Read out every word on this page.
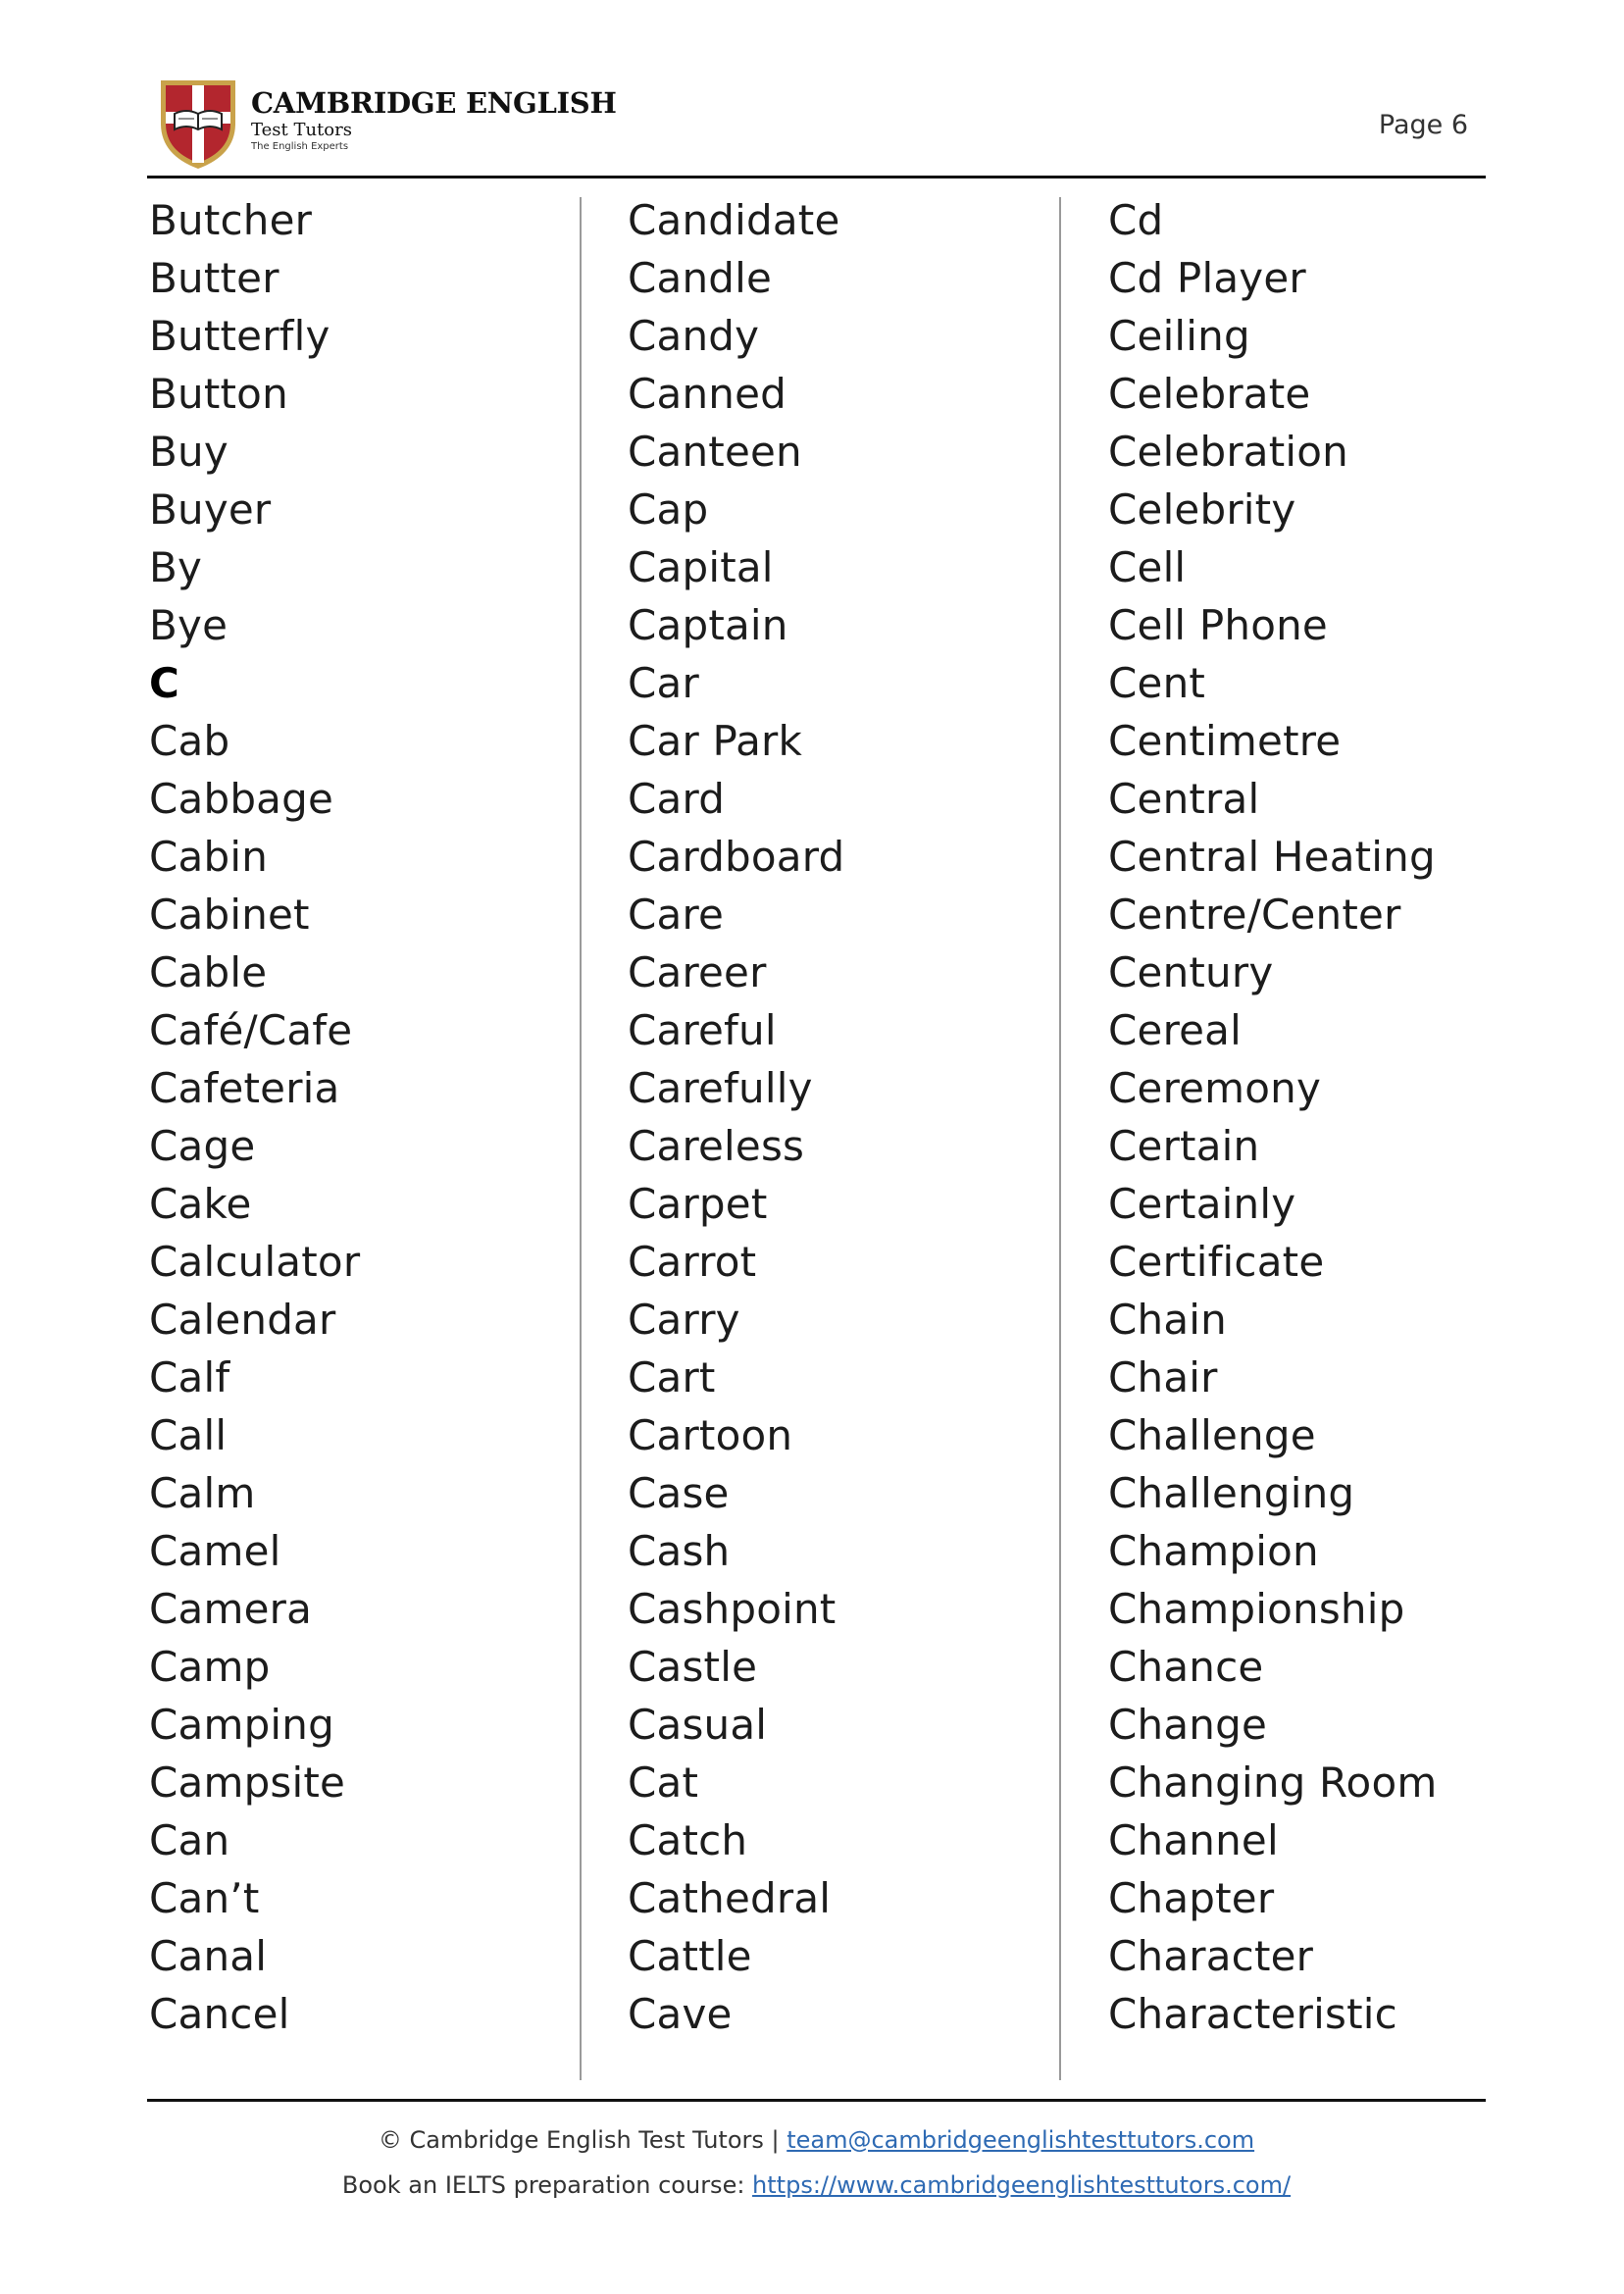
CAMBRIDGE ENGLISH
Test Tutors
The English Experts
Page 6
Butcher
Butter
Butterfly
Button
Buy
Buyer
By
Bye
C
Cab
Cabbage
Cabin
Cabinet
Cable
Café/Cafe
Cafeteria
Cage
Cake
Calculator
Calendar
Calf
Call
Calm
Camel
Camera
Camp
Camping
Campsite
Can
Can’t
Canal
Cancel
Candidate
Candle
Candy
Canned
Canteen
Cap
Capital
Captain
Car
Car Park
Card
Cardboard
Care
Career
Careful
Carefully
Careless
Carpet
Carrot
Carry
Cart
Cartoon
Case
Cash
Cashpoint
Castle
Casual
Cat
Catch
Cathedral
Cattle
Cave
Cd
Cd Player
Ceiling
Celebrate
Celebration
Celebrity
Cell
Cell Phone
Cent
Centimetre
Central
Central Heating
Centre/Center
Century
Cereal
Ceremony
Certain
Certainly
Certificate
Chain
Chair
Challenge
Challenging
Champion
Championship
Chance
Change
Changing Room
Channel
Chapter
Character
Characteristic
© Cambridge English Test Tutors | team@cambridgeenglishtesttutors.com
Book an IELTS preparation course: https://www.cambridgeenglishtesttutors.com/
